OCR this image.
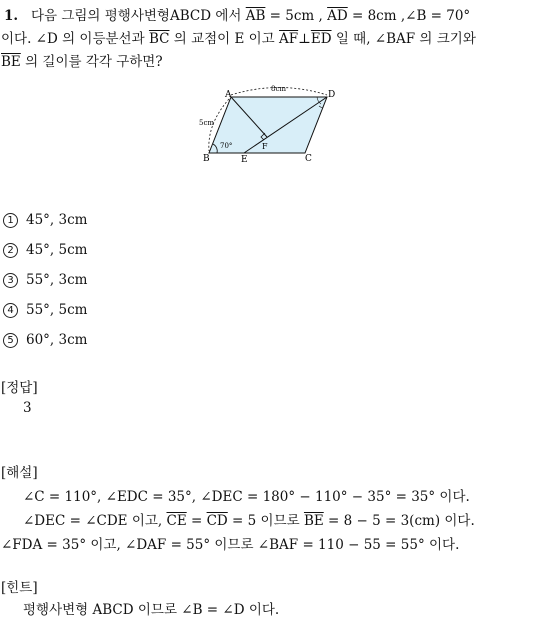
1. 다음 그림의 평행사변형ABCD 에서 $\overline{AB} = 5cm$ , $\overline{AD} = 8cm$ ,∠B = 70°
이다. ∠D 의 이등분선과 $\overline{BC}$ 의 교점이 E 이고 $\overline{AF}\perp\overline{ED}$ 일 때, ∠BAF 의 크기와
$\overline{BE}$ 의 길이를 각각 구하면?
A	D
B	E	C
F
8cm
5cm
70°
1 45°, 3cm
2 45°, 5cm
3 55°, 3cm
4 55°, 5cm
5 60°, 3cm
[정답]
3
[해설]
∠C = 110°, ∠EDC = 35°, ∠DEC = 180° − 110° − 35° = 35° 이다.
∠DEC = ∠CDE 이고, $\overline{CE} = \overline{CD} = 5$ 이므로 $\overline{BE} = 8 - 5 = 3(cm)$ 이다.
∠FDA = 35° 이고, ∠DAF = 55° 이므로 ∠BAF = 110 − 55 = 55° 이다.
[힌트]
평행사변형 ABCD 이므로 ∠B = ∠D 이다.
